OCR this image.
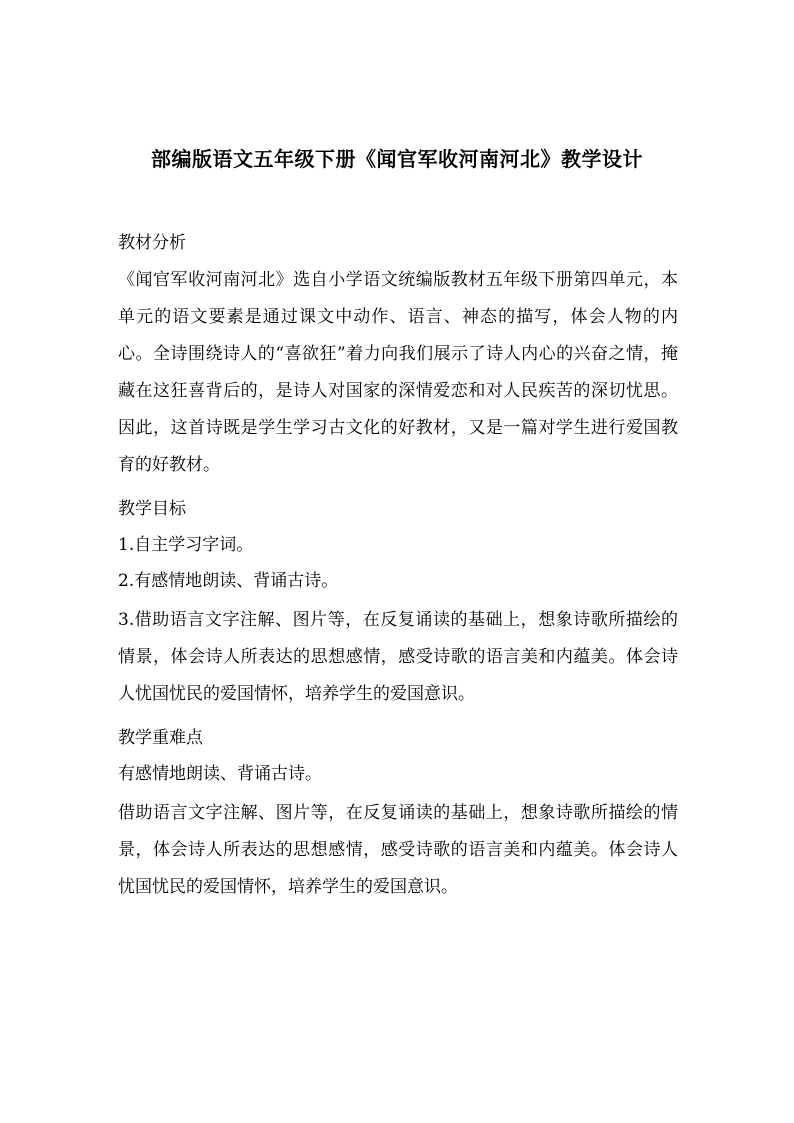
部编版语文五年级下册《闻官军收河南河北》教学设计
教材分析

《闻官军收河南河北》选自小学语文统编版教材五年级下册第四单元，本单元的语文要素是通过课文中动作、语言、神态的描写，体会人物的内心。全诗围绕诗人的“喜欲狂”着力向我们展示了诗人内心的兴奋之情，掩藏在这狂喜背后的，是诗人对国家的深情爱恋和对人民疾苦的深切忧思。因此，这首诗既是学生学习古文化的好教材，又是一篇对学生进行爱国教育的好教材。

教学目标

1.自主学习字词。

2.有感情地朗读、背诵古诗。

3.借助语言文字注解、图片等，在反复诵读的基础上，想象诗歌所描绘的情景，体会诗人所表达的思想感情，感受诗歌的语言美和内蕴美。体会诗人忧国忧民的爱国情怀，培养学生的爱国意识。

教学重难点

有感情地朗读、背诵古诗。

借助语言文字注解、图片等，在反复诵读的基础上，想象诗歌所描绘的情景，体会诗人所表达的思想感情，感受诗歌的语言美和内蕴美。体会诗人忧国忧民的爱国情怀，培养学生的爱国意识。
